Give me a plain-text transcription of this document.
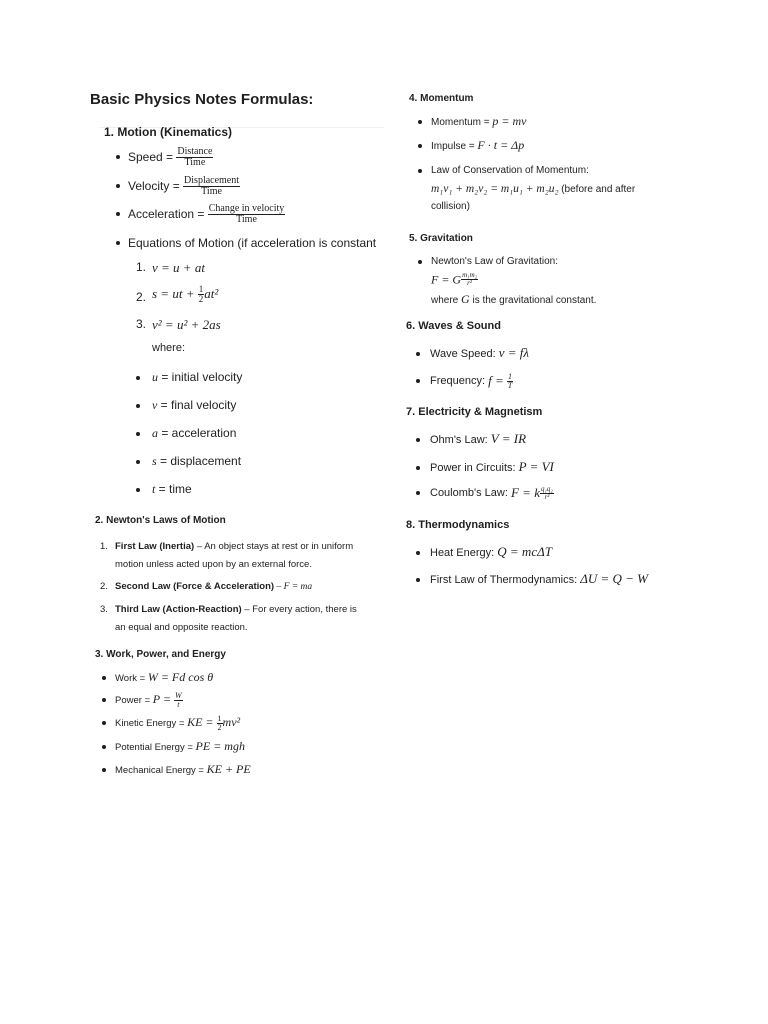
Basic Physics Notes Formulas:
1. Motion (Kinematics)
Speed = $\frac{\text{Distance}}{\text{Time}}$
Velocity = $\frac{\text{Displacement}}{\text{Time}}$
Acceleration = $\frac{\text{Change in velocity}}{\text{Time}}$
Equations of Motion (if acceleration is constant
1. v = u + at
2. s = ut + $\frac{1}{2} at^2$
3. v² = u² + 2as
where:
u = initial velocity
v = final velocity
a = acceleration
s = displacement
t = time
2. Newton's Laws of Motion
1. First Law (Inertia) – An object stays at rest or in uniform
motion unless acted upon by an external force.
2. Second Law (Force & Acceleration) – F = ma
3. Third Law (Action-Reaction) – For every action, there is
an equal and opposite reaction.
3. Work, Power, and Energy
Work = W = Fd cos θ
Power = $P = \frac{W}{t}$
Kinetic Energy = KE = $\frac{1}{2} mv^2$
Potential Energy = PE = mgh
Mechanical Energy = KE + PE
4. Momentum
Momentum = p = mv
Impulse = F · t = Δp
Law of Conservation of Momentum:
m₁v₁ + m₂v₂ = m₁u₁ + m₂u₂ (before and after
collision)
5. Gravitation
Newton's Law of Gravitation:
F = G $\frac{\text{m₁m₂}}{\text{r²}}$
where G is the gravitational constant.
6. Waves & Sound
Wave Speed: v = fλ
Frequency: $f = \frac{1}{T}$
7. Electricity & Magnetism
Ohm's Law: V = IR
Power in Circuits: P = VI
Coulomb's Law: F = k $\frac{\text{q₁q₂}}{\text{r²}}$
8. Thermodynamics
Heat Energy: Q = mcΔT
First Law of Thermodynamics: ΔU = Q − W
